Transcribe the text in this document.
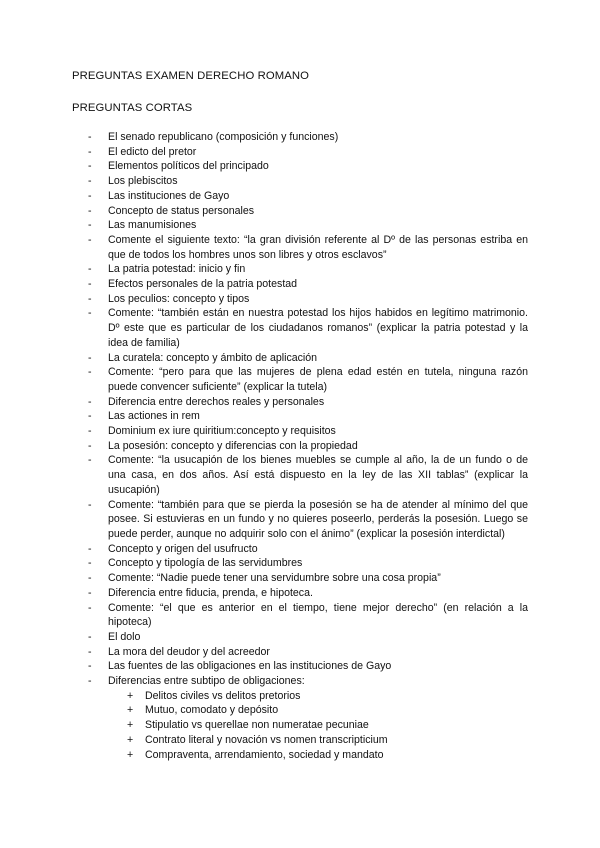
PREGUNTAS EXAMEN DERECHO ROMANO
PREGUNTAS CORTAS
- El senado republicano (composición y funciones)
- El edicto del pretor
- Elementos políticos del principado
- Los plebiscitos
- Las instituciones de Gayo
- Concepto de status personales
- Las manumisiones
- Comente el siguiente texto: “la gran división referente al Dº de las personas estriba en que de todos los hombres unos son libres y otros esclavos”
- La patria potestad: inicio y fin
- Efectos personales de la patria potestad
- Los peculios: concepto y tipos
- Comente: “también están en nuestra potestad los hijos habidos en legítimo matrimonio. Dº este que es particular de los ciudadanos romanos” (explicar la patria potestad y la idea de familia)
- La curatela: concepto y ámbito de aplicación
- Comente: “pero para que las mujeres de plena edad estén en tutela, ninguna razón puede convencer suficiente” (explicar la tutela)
- Diferencia entre derechos reales y personales
- Las actiones in rem
- Dominium ex iure quiritium:concepto y requisitos
- La posesión: concepto y diferencias con la propiedad
- Comente: “la usucapión de los bienes muebles se cumple al año, la de un fundo o de una casa, en dos años. Así está dispuesto en la ley de las XII tablas” (explicar la usucapión)
- Comente: “también para que se pierda la posesión se ha de atender al mínimo del que posee. Si estuvieras en un fundo y no quieres poseerlo, perderás la posesión. Luego se puede perder, aunque no adquirir solo con el ánimo” (explicar la posesión interdictal)
- Concepto y origen del usufructo
- Concepto y tipología de las servidumbres
- Comente: “Nadie puede tener una servidumbre sobre una cosa propia”
- Diferencia entre fiducia, prenda, e hipoteca.
- Comente: “el que es anterior en el tiempo, tiene mejor derecho” (en relación a la hipoteca)
- El dolo
- La mora del deudor y del acreedor
- Las fuentes de las obligaciones en las instituciones de Gayo
- Diferencias entre subtipo de obligaciones:
+ Delitos civiles vs delitos pretorios
+ Mutuo, comodato y depósito
+ Stipulatio vs querellae non numeratae pecuniae
+ Contrato literal y novación vs nomen transcripticium
+ Compraventa, arrendamiento, sociedad y mandato
